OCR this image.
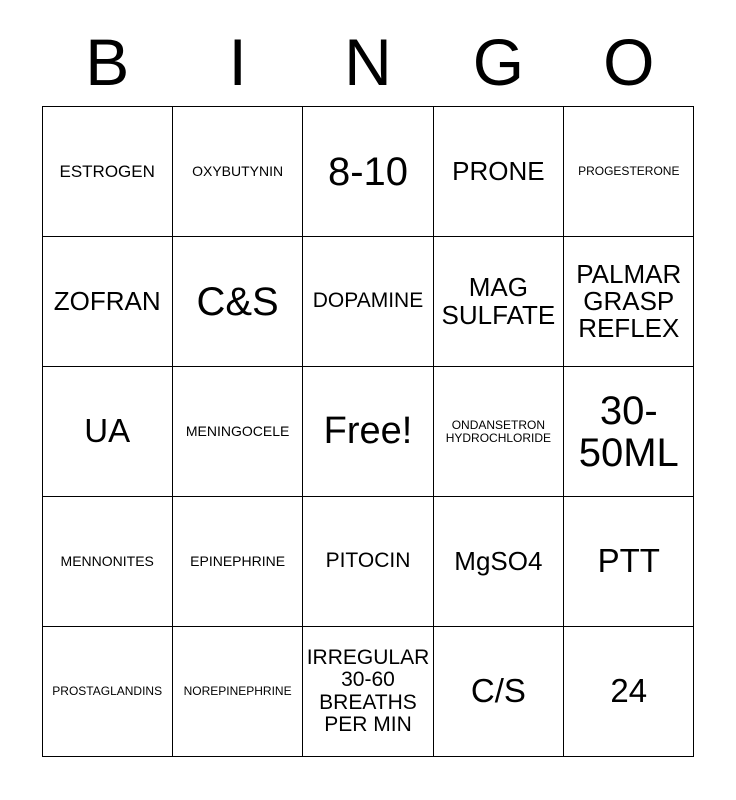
B	I	N	G	O
ESTROGEN	OXYBUTYNIN	8-10	PRONE	PROGESTERONE

ZOFRAN	C&S	DOPAMINE	MAG SULFATE	PALMAR GRASP REFLEX

UA	MENINGOCELE	Free!	ONDANSETRON HYDROCHLORIDE	30-50ML

MENNONITES	EPINEPHRINE	PITOCIN	MgSO4	PTT

PROSTAGLANDINS	NOREPINEPHRINE	IRREGULAR 30-60 BREATHS PER MIN	C/S	24
